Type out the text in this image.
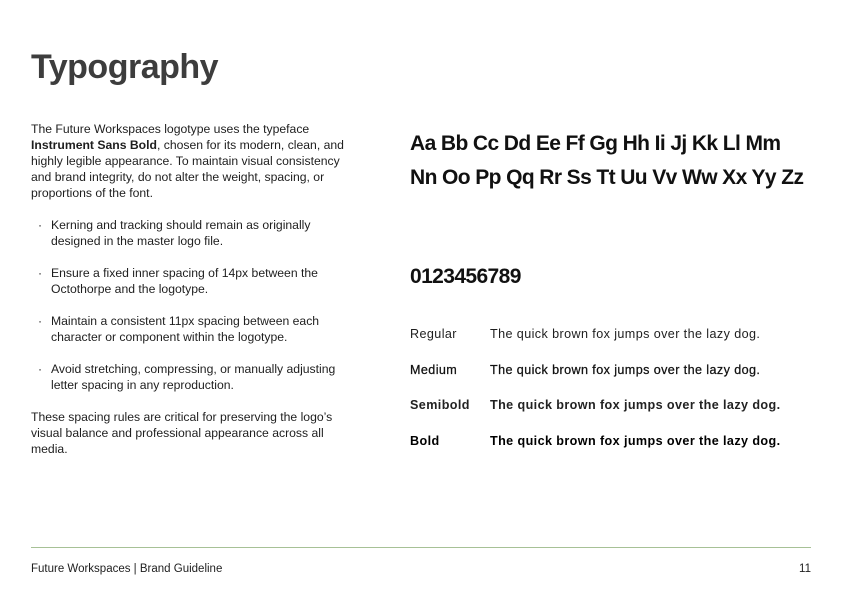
Typography

The Future Workspaces logotype uses the typeface Instrument Sans Bold, chosen for its modern, clean, and highly legible appearance. To maintain visual consistency and brand integrity, do not alter the weight, spacing, or proportions of the font.

· Kerning and tracking should remain as originally designed in the master logo file.
· Ensure a fixed inner spacing of 14px between the Octothorpe and the logotype.
· Maintain a consistent 11px spacing between each character or component within the logotype.
· Avoid stretching, compressing, or manually adjusting letter spacing in any reproduction.

These spacing rules are critical for preserving the logo’s visual balance and professional appearance across all media.

Aa Bb Cc Dd Ee Ff Gg Hh Ii Jj Kk Ll Mm Nn Oo Pp Qq Rr Ss Tt Uu Vv Ww Xx Yy Zz

0123456789

Regular	The quick brown fox jumps over the lazy dog.
Medium	The quick brown fox jumps over the lazy dog.
Semibold	The quick brown fox jumps over the lazy dog.
Bold	The quick brown fox jumps over the lazy dog.
Future Workspaces | Brand Guideline	11
